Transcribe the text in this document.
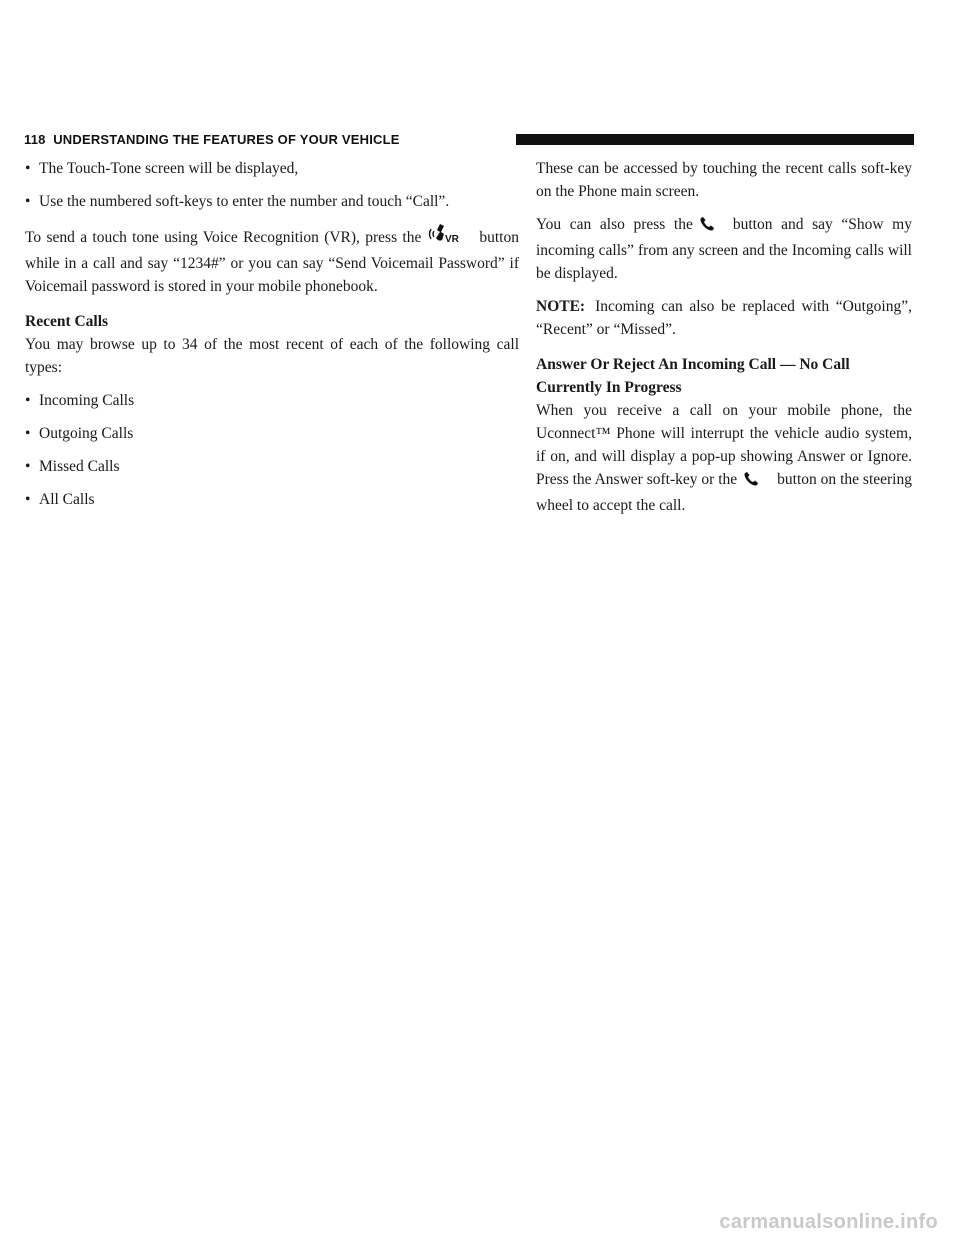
118 UNDERSTANDING THE FEATURES OF YOUR VEHICLE
• The Touch-Tone screen will be displayed,
• Use the numbered soft-keys to enter the number and touch “Call”.

To send a touch tone using Voice Recognition (VR), press the VR button while in a call and say “1234#” or you can say “Send Voicemail Password” if Voicemail password is stored in your mobile phonebook.

Recent Calls

You may browse up to 34 of the most recent of each of the following call types:

• Incoming Calls
• Outgoing Calls
• Missed Calls
• All Calls

These can be accessed by touching the recent calls soft-key on the Phone main screen.

You can also press the	button and say “Show my incoming calls” from any screen and the Incoming calls will be displayed.

NOTE: Incoming can also be replaced with “Outgoing”, “Recent” or “Missed”.

Answer Or Reject An Incoming Call — No Call Currently In Progress

When you receive a call on your mobile phone, the Uconnect™ Phone will interrupt the vehicle audio system, if on, and will display a pop-up showing Answer or Ignore. Press the Answer soft-key or the	button on the steering wheel to accept the call.

carmanualsonline.info
